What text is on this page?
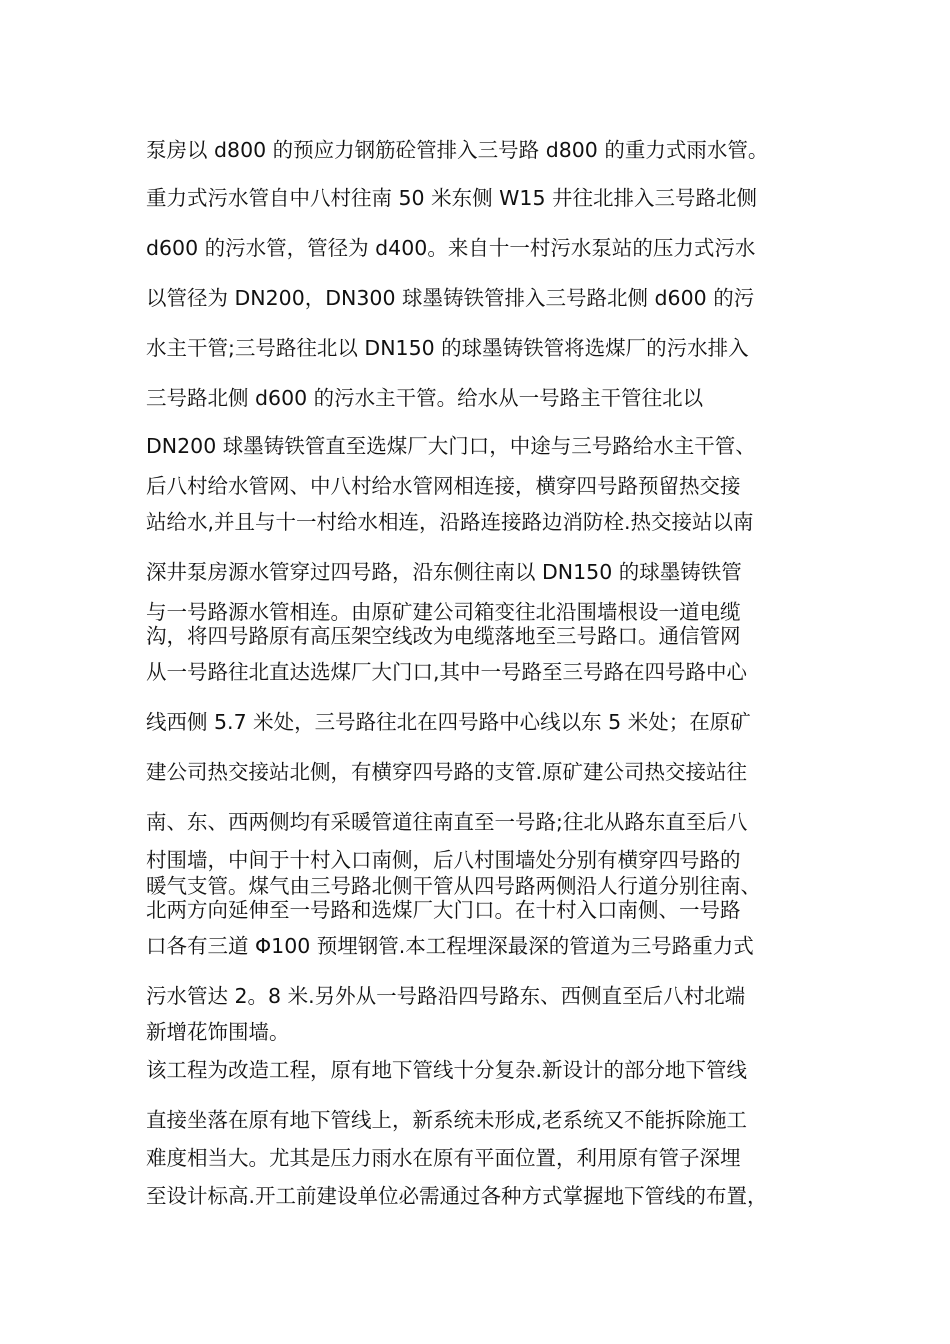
泵房以 d800 的预应力钢筋砼管排入三号路 d800 的重力式雨水管。
重力式污水管自中八村往南 50 米东侧 W15 井往北排入三号路北侧
d600 的污水管，管径为 d400。来自十一村污水泵站的压力式污水
以管径为 DN200，DN300 球墨铸铁管排入三号路北侧 d600 的污
水主干管;三号路往北以 DN150 的球墨铸铁管将选煤厂的污水排入
三号路北侧 d600 的污水主干管。给水从一号路主干管往北以
DN200 球墨铸铁管直至选煤厂大门口，中途与三号路给水主干管、
后八村给水管网、中八村给水管网相连接，横穿四号路预留热交接
站给水,并且与十一村给水相连，沿路连接路边消防栓.热交接站以南
深井泵房源水管穿过四号路，沿东侧往南以 DN150 的球墨铸铁管
与一号路源水管相连。由原矿建公司箱变往北沿围墙根设一道电缆
沟，将四号路原有高压架空线改为电缆落地至三号路口。通信管网
从一号路往北直达选煤厂大门口,其中一号路至三号路在四号路中心
线西侧 5.7 米处，三号路往北在四号路中心线以东 5 米处；在原矿
建公司热交接站北侧，有横穿四号路的支管.原矿建公司热交接站往
南、东、西两侧均有采暖管道往南直至一号路;往北从路东直至后八
村围墙，中间于十村入口南侧，后八村围墙处分别有横穿四号路的
暖气支管。煤气由三号路北侧干管从四号路两侧沿人行道分别往南、
北两方向延伸至一号路和选煤厂大门口。在十村入口南侧、一号路
口各有三道 Φ100 预埋钢管.本工程埋深最深的管道为三号路重力式
污水管达 2。8 米.另外从一号路沿四号路东、西侧直至后八村北端
新增花饰围墙。
该工程为改造工程，原有地下管线十分复杂.新设计的部分地下管线
直接坐落在原有地下管线上，新系统未形成,老系统又不能拆除施工
难度相当大。尤其是压力雨水在原有平面位置，利用原有管子深埋
至设计标高.开工前建设单位必需通过各种方式掌握地下管线的布置，
